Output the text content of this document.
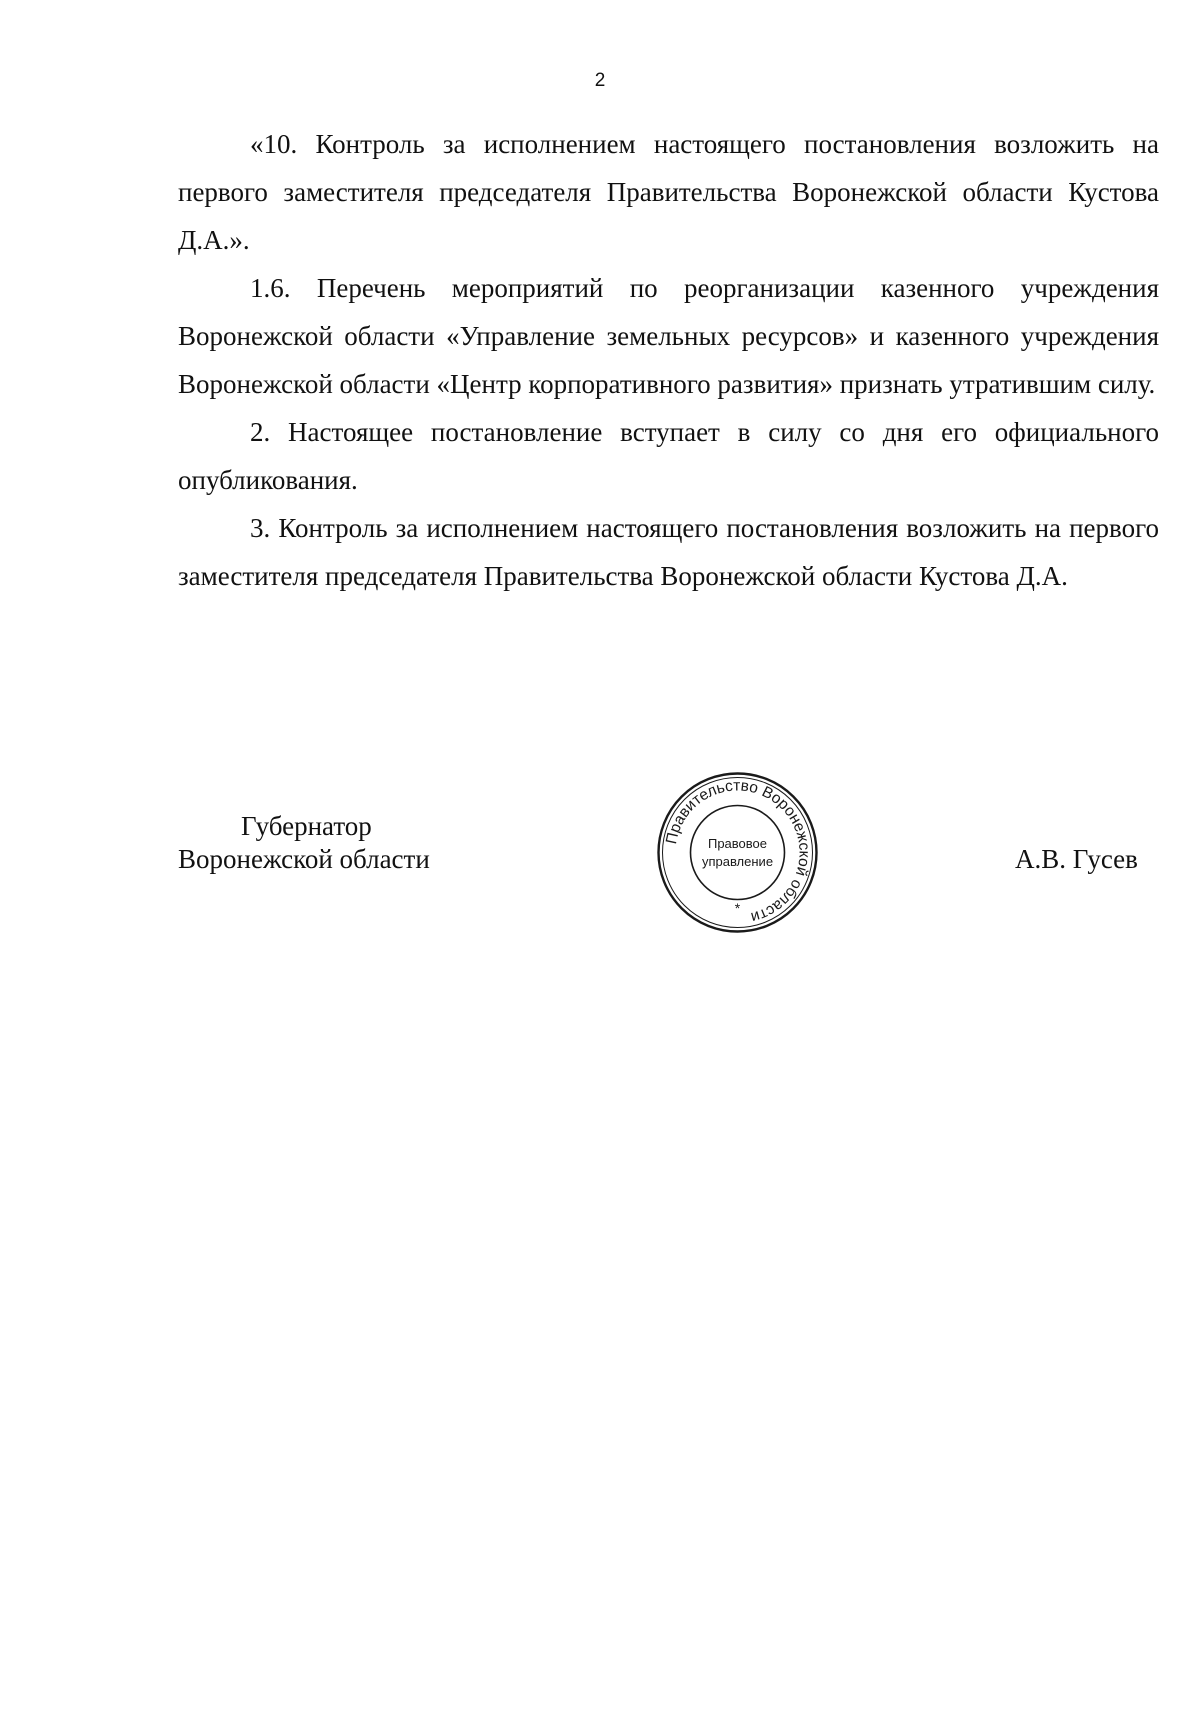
2

«10. Контроль за исполнением настоящего постановления возложить на первого заместителя председателя Правительства Воронежской области Кустова Д.А.».

1.6. Перечень мероприятий по реорганизации казенного учреждения Воронежской области «Управление земельных ресурсов» и казенного учреждения Воронежской области «Центр корпоративного развития» признать утратившим силу.

2. Настоящее постановление вступает в силу со дня его официального опубликования.

3. Контроль за исполнением настоящего постановления возложить на первого заместителя председателя Правительства Воронежской области Кустова Д.А.

Губернатор
Воронежской области
Правительство Воронежской области
Правовое
управление
*
А.В. Гусев
